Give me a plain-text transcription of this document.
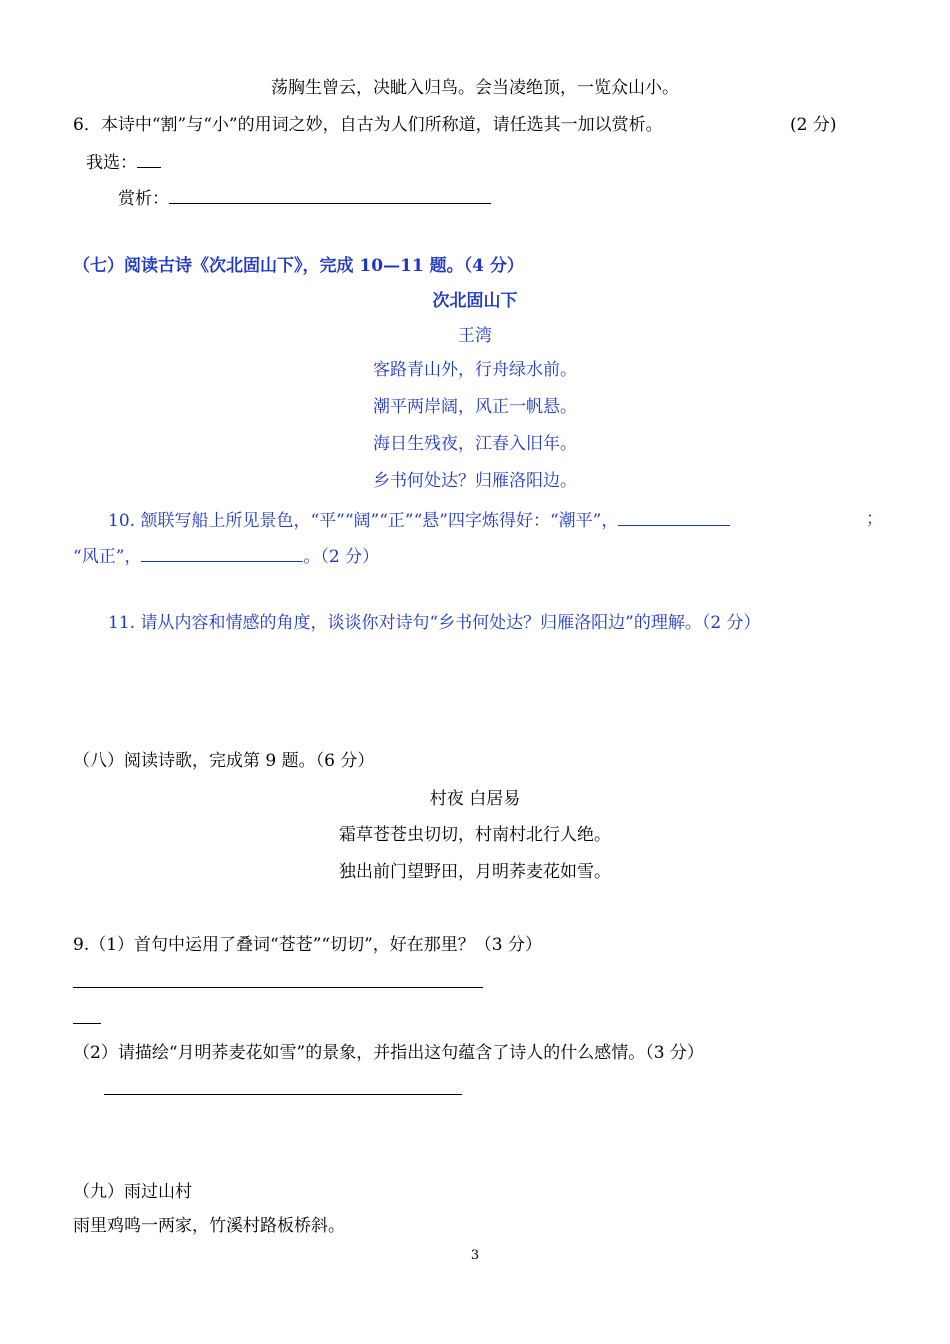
荡胸生曾云，决眦入归鸟。会当凌绝顶，一览众山小。
6．本诗中“割”与“小”的用词之妙，自古为人们所称道，请任选其一加以赏析。	(2 分)
我选：
赏析：
（七）阅读古诗《次北固山下》，完成 10—11 题。（4 分）
次北固山下
王湾
客路青山外，行舟绿水前。
潮平两岸阔，风正一帆悬。
海日生残夜，江春入旧年。
乡书何处达？归雁洛阳边。
10. 颔联写船上所见景色，“平”“阔”“正”“悬”四字炼得好：“潮平”，	；
“风正”，	。（2 分）
11. 请从内容和情感的角度，谈谈你对诗句“乡书何处达？归雁洛阳边”的理解。（2 分）
（八）阅读诗歌，完成第 9 题。（6 分）
村夜 白居易
霜草苍苍虫切切，村南村北行人绝。
独出前门望野田，月明荞麦花如雪。
9.（1）首句中运用了叠词“苍苍”“切切”，好在那里？（3 分）
（2）请描绘“月明荞麦花如雪”的景象，并指出这句蕴含了诗人的什么感情。（3 分）
（九）雨过山村
雨里鸡鸣一两家，竹溪村路板桥斜。
3
